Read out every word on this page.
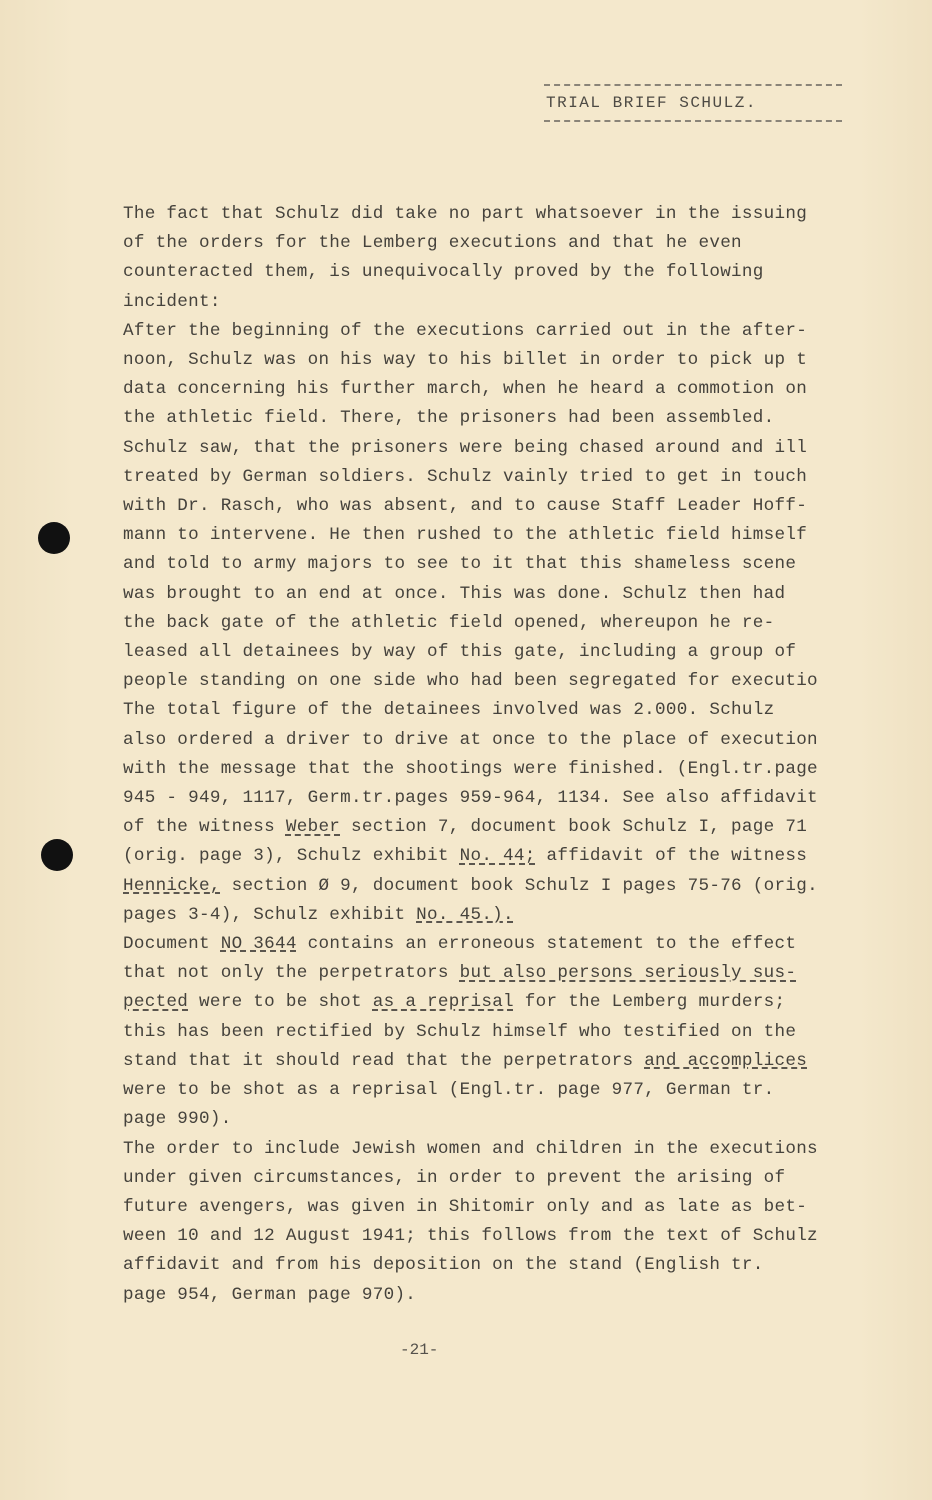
TRIAL BRIEF SCHULZ.

The fact that Schulz did take no part whatsoever in the issuing

of the orders for the Lemberg executions and that he even

counteracted them, is unequivocally proved by the following

incident:

After the beginning of the executions carried out in the after-

noon, Schulz was on his way to his billet in order to pick up t

data concerning his further march, when he heard a commotion on

the athletic field. There, the prisoners had been assembled.

Schulz saw, that the prisoners were being chased around and ill

treated by German soldiers. Schulz vainly tried to get in touch

with Dr. Rasch, who was absent, and to cause Staff Leader Hoff-

mann to intervene. He then rushed to the athletic field himself

and told to army majors to see to it that this shameless scene

was brought to an end at once. This was done. Schulz then had

the back gate of the athletic field opened, whereupon he re-

leased all detainees by way of this gate, including a group of

people standing on one side who had been segregated for executio

The total figure of the detainees involved was 2.000. Schulz

also ordered a driver to drive at once to the place of execution

with the message that the shootings were finished. (Engl.tr.page

945 - 949, 1117, Germ.tr.pages 959-964, 1134. See also affidavit

of the witness Weber section 7, document book Schulz I, page 71

(orig. page 3), Schulz exhibit No. 44; affidavit of the witness

Hennicke, section Ø 9, document book Schulz I pages 75-76 (orig.

pages 3-4), Schulz exhibit No. 45.).

Document NO 3644 contains an erroneous statement to the effect

that not only the perpetrators but also persons seriously sus-

pected were to be shot as a reprisal for the Lemberg murders;

this has been rectified by Schulz himself who testified on the

stand that it should read that the perpetrators and accomplices

were to be shot as a reprisal (Engl.tr. page 977, German tr.

page 990).

The order to include Jewish women and children in the executions

under given circumstances, in order to prevent the arising of

future avengers, was given in Shitomir only and as late as bet-

ween 10 and 12 August 1941; this follows from the text of Schulz

affidavit and from his deposition on the stand (English tr.

page 954, German page 970).

-21-
